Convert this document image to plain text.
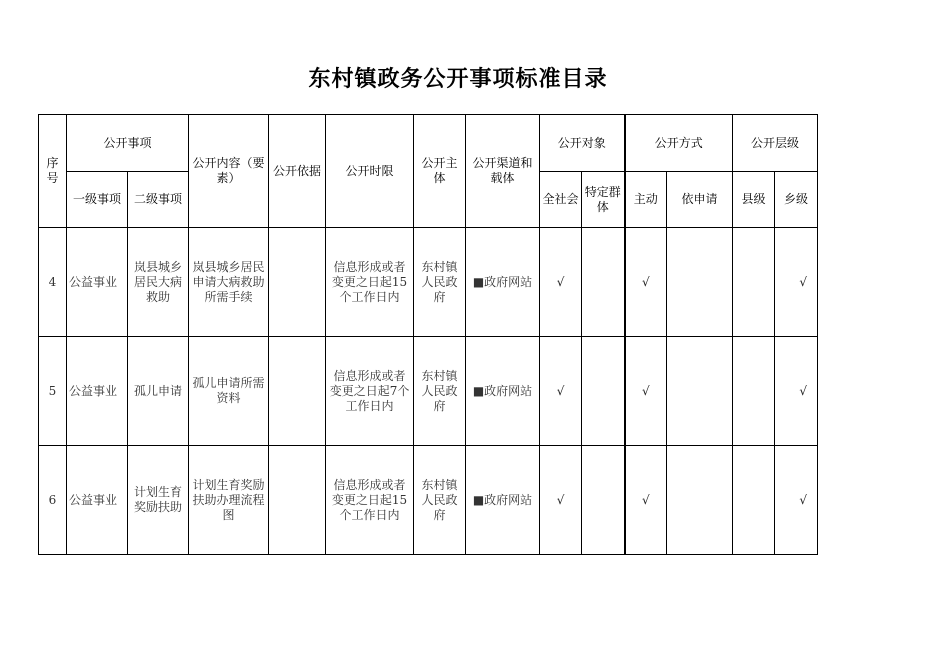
东村镇政务公开事项标准目录
序号	公开事项		公开内容（要素）	公开依据	公开时限	公开主体	公开渠道和载体	公开对象		公开方式		公开层级	
	一级事项	二级事项						全社会	特定群体	主动	依申请	县级	乡级
4	公益事业	岚县城乡居民大病救助	岚县城乡居民申请大病救助所需手续		信息形成或者变更之日起15个工作日内	东村镇人民政府	■政府网站	√		√			√
5	公益事业	孤儿申请	孤儿申请所需资料		信息形成或者变更之日起7个工作日内	东村镇人民政府	■政府网站	√		√			√
6	公益事业	计划生育奖励扶助	计划生育奖励扶助办理流程图		信息形成或者变更之日起15个工作日内	东村镇人民政府	■政府网站	√		√			√
